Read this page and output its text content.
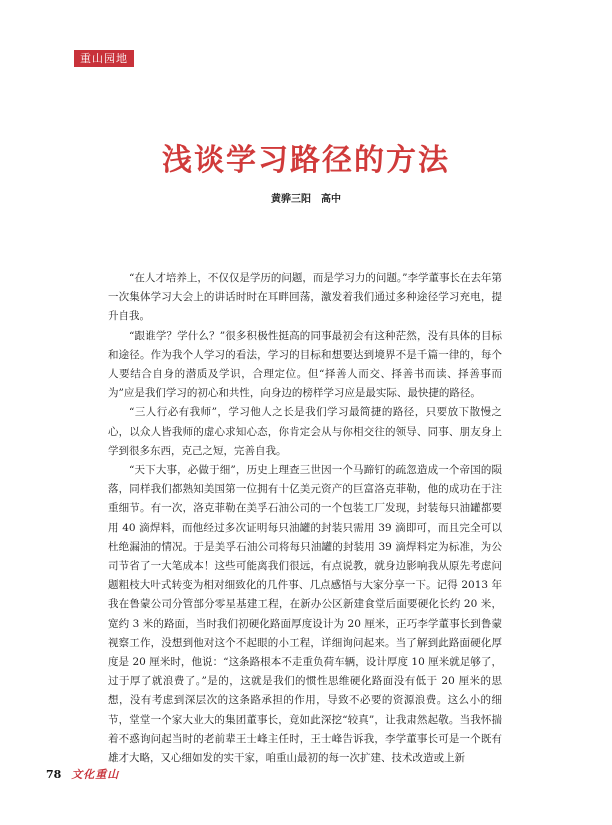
重山园地
浅谈学习路径的方法
黄骅三阳 高中

“在人才培养上，不仅仅是学历的问题，而是学习力的问题。”李学董事长在去年第一次集体学习大会上的讲话时时在耳畔回荡，激发着我们通过多种途径学习充电，提升自我。

“跟谁学？学什么？”很多积极性挺高的同事最初会有这种茫然，没有具体的目标和途径。作为我个人学习的看法，学习的目标和想要达到境界不是千篇一律的，每个人要结合自身的潜质及学识，合理定位。但“择善人而交、择善书而读、择善事而为”应是我们学习的初心和共性，向身边的榜样学习应是最实际、最快捷的路径。

“三人行必有我师”，学习他人之长是我们学习最简捷的路径，只要放下散慢之心，以众人皆我师的虚心求知心态，你肯定会从与你相交往的领导、同事、朋友身上学到很多东西，克己之短，完善自我。

“天下大事，必做于细”，历史上理查三世因一个马蹄钉的疏忽造成一个帝国的陨落，同样我们都熟知美国第一位拥有十亿美元资产的巨富洛克菲勒，他的成功在于注重细节。有一次，洛克菲勒在美孚石油公司的一个包装工厂发现，封装每只油罐都要用 40 滴焊料，而他经过多次证明每只油罐的封装只需用 39 滴即可，而且完全可以杜绝漏油的情况。于是美孚石油公司将每只油罐的封装用 39 滴焊料定为标准，为公司节省了一大笔成本！这些可能离我们很远，有点说教，就身边影响我从原先考虑问题粗枝大叶式转变为相对细致化的几件事、几点感悟与大家分享一下。记得 2013 年我在鲁蒙公司分管部分零星基建工程，在新办公区新建食堂后面要硬化长约 20 米，宽约 3 米的路面，当时我们初硬化路面厚度设计为 20 厘米，正巧李学董事长到鲁蒙视察工作，没想到他对这个不起眼的小工程，详细询问起来。当了解到此路面硬化厚度是 20 厘米时，他说：“这条路根本不走重负荷车辆，设计厚度 10 厘米就足够了，过于厚了就浪费了。”是的，这就是我们的惯性思维硬化路面没有低于 20 厘米的思想，没有考虑到深层次的这条路承担的作用，导致不必要的资源浪费。这么小的细节，堂堂一个家大业大的集团董事长，竟如此深挖“较真”，让我肃然起敬。当我怀揣着不惑询问起当时的老前辈王士峰主任时，王士峰告诉我，李学董事长可是一个既有雄才大略，又心细如发的实干家，咱重山最初的每一次扩建、技术改造或上新

78 文化重山
